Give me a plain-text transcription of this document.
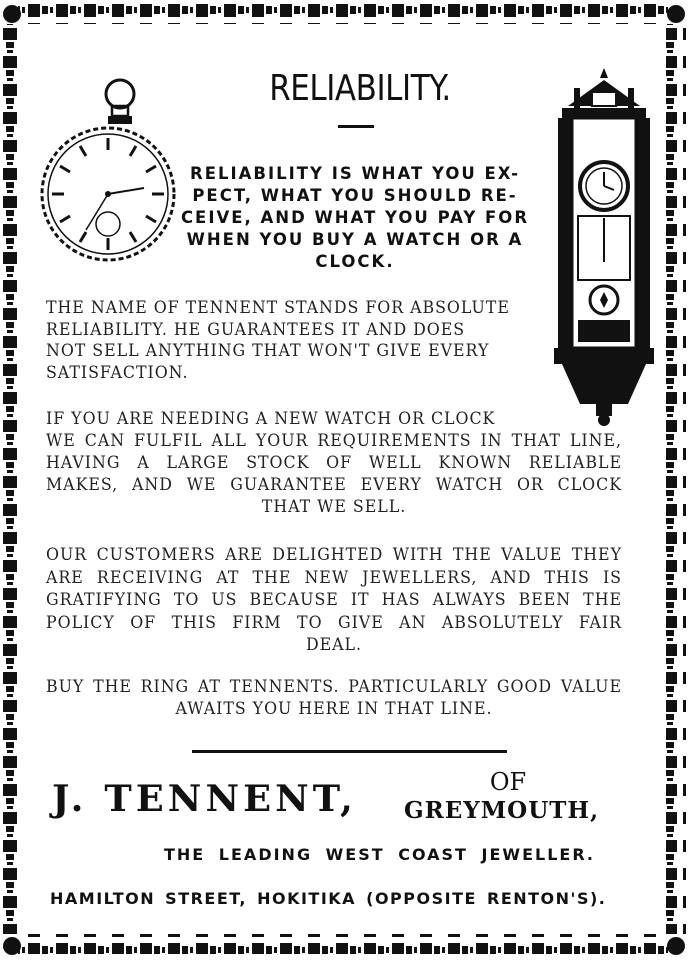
RELIABILITY.
RELIABILITY IS WHAT YOU EX-
PECT, WHAT YOU SHOULD RE-
CEIVE, AND WHAT YOU PAY FOR
WHEN YOU BUY A WATCH OR A
CLOCK.
THE NAME OF TENNENT STANDS FOR ABSOLUTE
RELIABILITY. HE GUARANTEES IT AND DOES
NOT SELL ANYTHING THAT WON'T GIVE EVERY
SATISFACTION.
IF YOU ARE NEEDING A NEW WATCH OR CLOCK
WE CAN FULFIL ALL YOUR REQUIREMENTS IN THAT LINE,
HAVING A LARGE STOCK OF WELL KNOWN RELIABLE
MAKES, AND WE GUARANTEE EVERY WATCH OR CLOCK
THAT WE SELL.
OUR CUSTOMERS ARE DELIGHTED WITH THE VALUE THEY
ARE RECEIVING AT THE NEW JEWELLERS, AND THIS IS
GRATIFYING TO US BECAUSE IT HAS ALWAYS BEEN THE
POLICY OF THIS FIRM TO GIVE AN ABSOLUTELY FAIR
DEAL.
BUY THE RING AT TENNENTS. PARTICULARLY GOOD VALUE
AWAITS YOU HERE IN THAT LINE.
J. TENNENT,	OF
GREYMOUTH,
THE LEADING WEST COAST JEWELLER.
HAMILTON STREET, HOKITIKA (OPPOSITE RENTON'S).
